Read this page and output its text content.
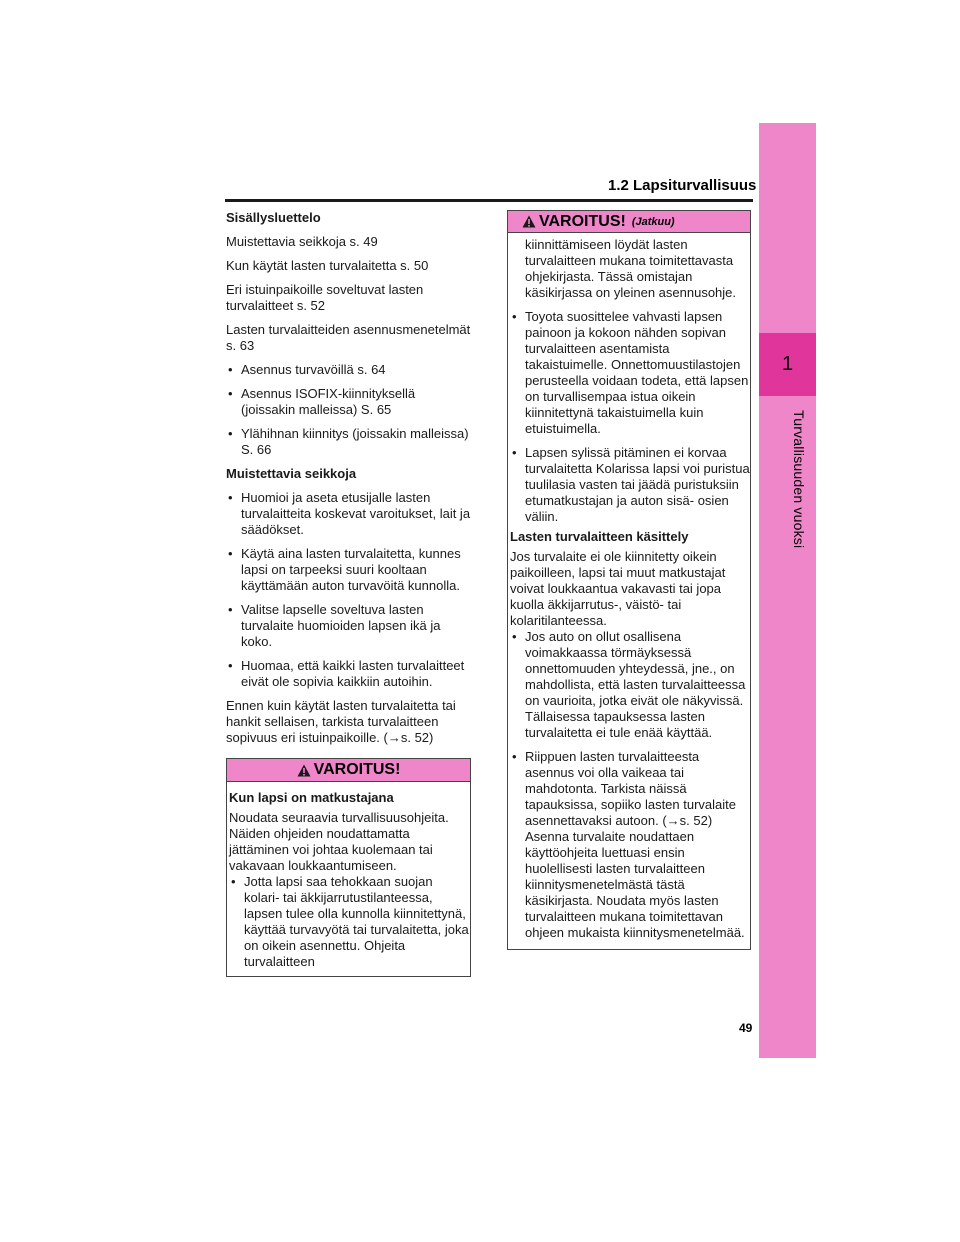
1
Turvallisuuden vuoksi
1.2 Lapsiturvallisuus
Sisällysluettelo

Muistettavia seikkoja s. 49

Kun käytät lasten turvalaitetta s. 50

Eri istuinpaikoille soveltuvat lasten turvalaitteet s. 52

Lasten turvalaitteiden asennusmenetelmät s. 63

• Asennus turvavöillä s. 64
• Asennus ISOFIX-kiinnityksellä (joissakin malleissa) S. 65
• Ylähihnan kiinnitys (joissakin malleissa) S. 66
Muistettavia seikkoja
• Huomioi ja aseta etusijalle lasten turvalaitteita koskevat varoitukset, lait ja säädökset.
• Käytä aina lasten turvalaitetta, kunnes lapsi on tarpeeksi suuri kooltaan käyttämään auton turvavöitä kunnolla.
• Valitse lapselle soveltuva lasten turvalaite huomioiden lapsen ikä ja koko.
• Huomaa, että kaikki lasten turvalaitteet eivät ole sopivia kaikkiin autoihin.

Ennen kuin käytät lasten turvalaitetta tai hankit sellaisen, tarkista turvalaitteen sopivuus eri istuinpaikoille. (→s. 52)

VAROITUS!
Kun lapsi on matkustajana
Noudata seuraavia turvallisuusohjeita. Näiden ohjeiden noudattamatta jättäminen voi johtaa kuolemaan tai vakavaan loukkaantumiseen.
• Jotta lapsi saa tehokkaan suojan kolari- tai äkkijarrutustilanteessa, lapsen tulee olla kunnolla kiinnitettynä, käyttää turvavyötä tai turvalaitetta, joka on oikein asennettu. Ohjeita turvalaitteen
VAROITUS! (Jatkuu)
kiinnittämiseen löydät lasten turvalaitteen mukana toimitettavasta ohjekirjasta. Tässä omistajan käsikirjassa on yleinen asennusohje.
• Toyota suosittelee vahvasti lapsen painoon ja kokoon nähden sopivan turvalaitteen asentamista takaistuimelle. Onnettomuustilastojen perusteella voidaan todeta, että lapsen on turvallisempaa istua oikein kiinnitettynä takaistuimella kuin etuistuimella.
• Lapsen sylissä pitäminen ei korvaa turvalaitetta Kolarissa lapsi voi puristua tuulilasia vasten tai jäädä puristuksiin etumatkustajan ja auton sisä- osien väliin.
Lasten turvalaitteen käsittely
Jos turvalaite ei ole kiinnitetty oikein paikoilleen, lapsi tai muut matkustajat voivat loukkaantua vakavasti tai jopa kuolla äkkijarrutus-, väistö- tai kolaritilanteessa.
• Jos auto on ollut osallisena voimakkaassa törmäyksessä onnettomuuden yhteydessä, jne., on mahdollista, että lasten turvalaitteessa on vaurioita, jotka eivät ole näkyvissä. Tällaisessa tapauksessa lasten turvalaitetta ei tule enää käyttää.
• Riippuen lasten turvalaitteesta asennus voi olla vaikeaa tai mahdotonta. Tarkista näissä tapauksissa, sopiiko lasten turvalaite asennettavaksi autoon. (→s. 52) Asenna turvalaite noudattaen käyttöohjeita luettuasi ensin huolellisesti lasten turvalaitteen kiinnitysmenetelmästä tästä käsikirjasta. Noudata myös lasten turvalaitteen mukana toimitettavan ohjeen mukaista kiinnitysmenetelmää.
49
